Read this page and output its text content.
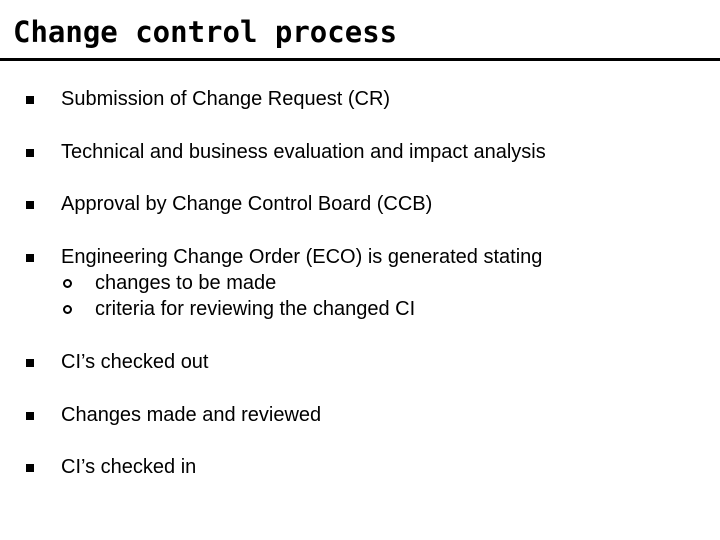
Change control process
Submission of Change Request (CR)
Technical and business evaluation and impact analysis
Approval by Change Control Board (CCB)
Engineering Change Order (ECO) is generated stating
changes to be made
criteria for reviewing the changed CI
CI’s checked out
Changes made and reviewed
CI’s checked in
